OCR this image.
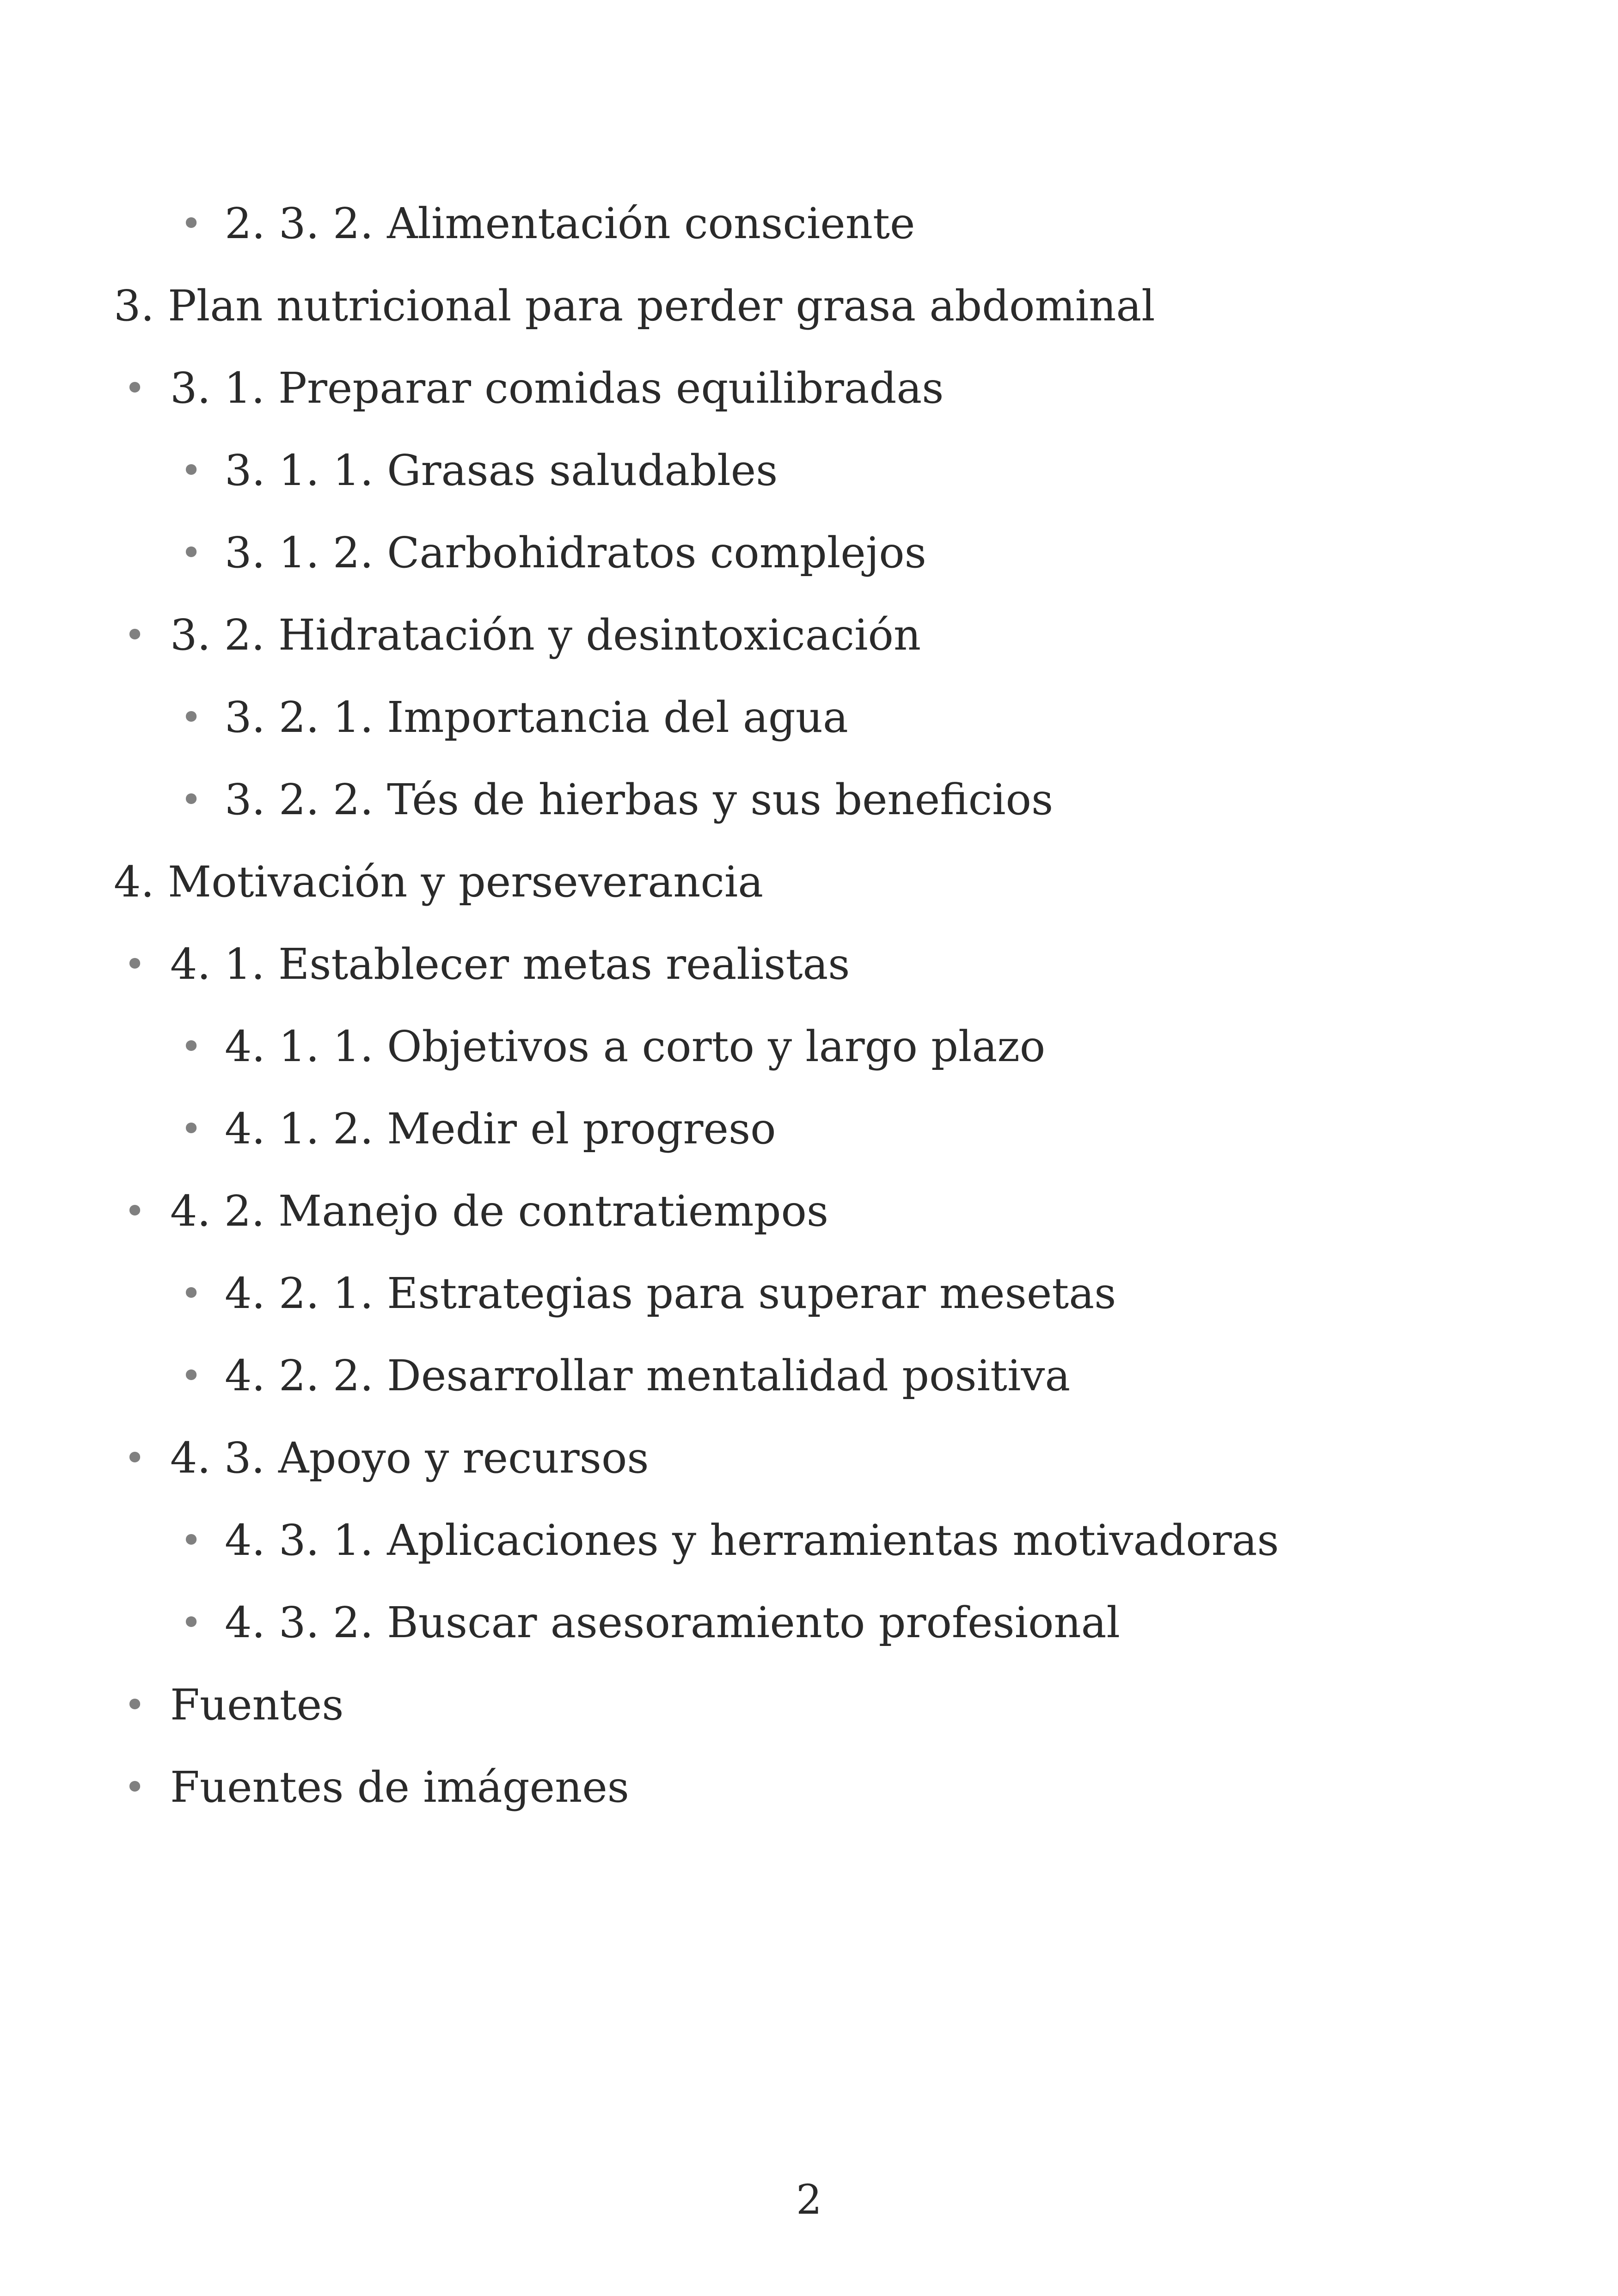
• 2. 3. 2. Alimentación consciente
3. Plan nutricional para perder grasa abdominal
• 3. 1. Preparar comidas equilibradas
• 3. 1. 1. Grasas saludables
• 3. 1. 2. Carbohidratos complejos
• 3. 2. Hidratación y desintoxicación
• 3. 2. 1. Importancia del agua
• 3. 2. 2. Tés de hierbas y sus beneficios
4. Motivación y perseverancia
• 4. 1. Establecer metas realistas
• 4. 1. 1. Objetivos a corto y largo plazo
• 4. 1. 2. Medir el progreso
• 4. 2. Manejo de contratiempos
• 4. 2. 1. Estrategias para superar mesetas
• 4. 2. 2. Desarrollar mentalidad positiva
• 4. 3. Apoyo y recursos
• 4. 3. 1. Aplicaciones y herramientas motivadoras
• 4. 3. 2. Buscar asesoramiento profesional
• Fuentes
• Fuentes de imágenes
2
